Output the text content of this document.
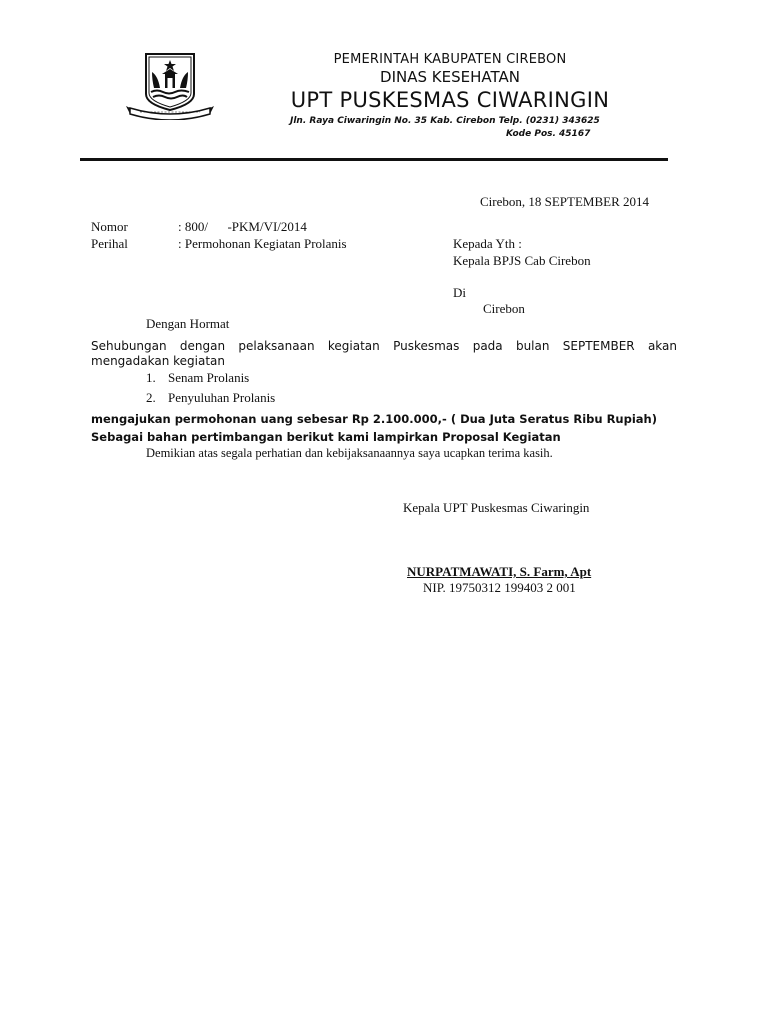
PEMERINTAH KABUPATEN CIREBON
DINAS KESEHATAN
UPT PUSKESMAS CIWARINGIN
Jln. Raya Ciwaringin No. 35 Kab. Cirebon Telp. (0231) 343625
Kode Pos. 45167
Cirebon, 18 SEPTEMBER 2014
Nomor	: 800/      -PKM/VI/2014
Perihal	: Permohonan Kegiatan Prolanis	Kepada Yth :
Kepala BPJS Cab Cirebon
Di
Cirebon
Dengan Hormat
Sehubungan dengan pelaksanaan kegiatan Puskesmas pada bulan SEPTEMBER akan
mengadakan kegiatan
1. Senam Prolanis
2. Penyuluhan Prolanis
mengajukan permohonan uang sebesar Rp 2.100.000,- ( Dua Juta Seratus Ribu Rupiah)
Sebagai bahan pertimbangan berikut kami lampirkan Proposal Kegiatan
Demikian atas segala perhatian dan kebijaksanaannya saya ucapkan terima kasih.
Kepala UPT Puskesmas Ciwaringin
NURPATMAWATI, S. Farm, Apt
NIP. 19750312 199403 2 001
